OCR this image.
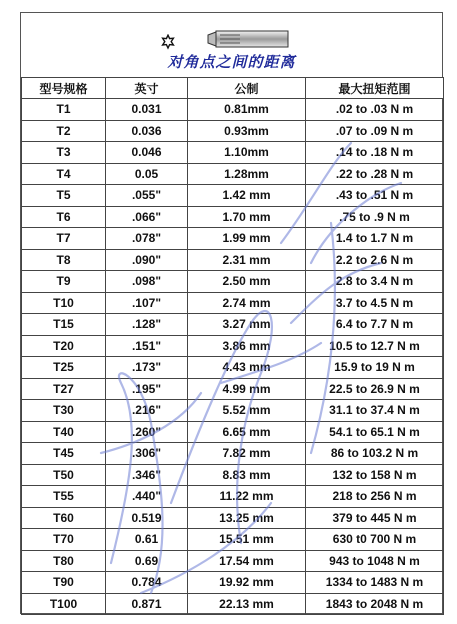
对角点之间的距离
型号规格	英寸	公制	最大扭矩范围
T1	0.031	0.81mm	.02 to .03 N m
T2	0.036	0.93mm	.07 to .09 N m
T3	0.046	1.10mm	.14 to .18 N m
T4	0.05	1.28mm	.22 to .28 N m
T5	.055"	1.42 mm	.43 to .51 N m
T6	.066"	1.70 mm	.75 to .9 N m
T7	.078"	1.99 mm	1.4 to 1.7 N m
T8	.090"	2.31 mm	2.2 to 2.6 N m
T9	.098"	2.50 mm	2.8 to 3.4 N m
T10	.107"	2.74 mm	3.7 to 4.5 N m
T15	.128"	3.27 mm	6.4 to 7.7 N m
T20	.151"	3.86 mm	10.5 to 12.7 N m
T25	.173"	4.43 mm	15.9 to 19 N m
T27	.195"	4.99 mm	22.5 to 26.9 N m
T30	.216"	5.52 mm	31.1 to 37.4 N m
T40	.260"	6.65 mm	54.1 to 65.1 N m
T45	.306"	7.82 mm	86 to 103.2 N m
T50	.346"	8.83 mm	132 to 158 N m
T55	.440"	11.22 mm	218 to 256 N m
T60	0.519	13.25 mm	379 to 445 N m
T70	0.61	15.51 mm	630 t0 700 N m
T80	0.69	17.54 mm	943 to 1048 N m
T90	0.784	19.92 mm	1334 to 1483 N m
T100	0.871	22.13 mm	1843 to 2048 N m
